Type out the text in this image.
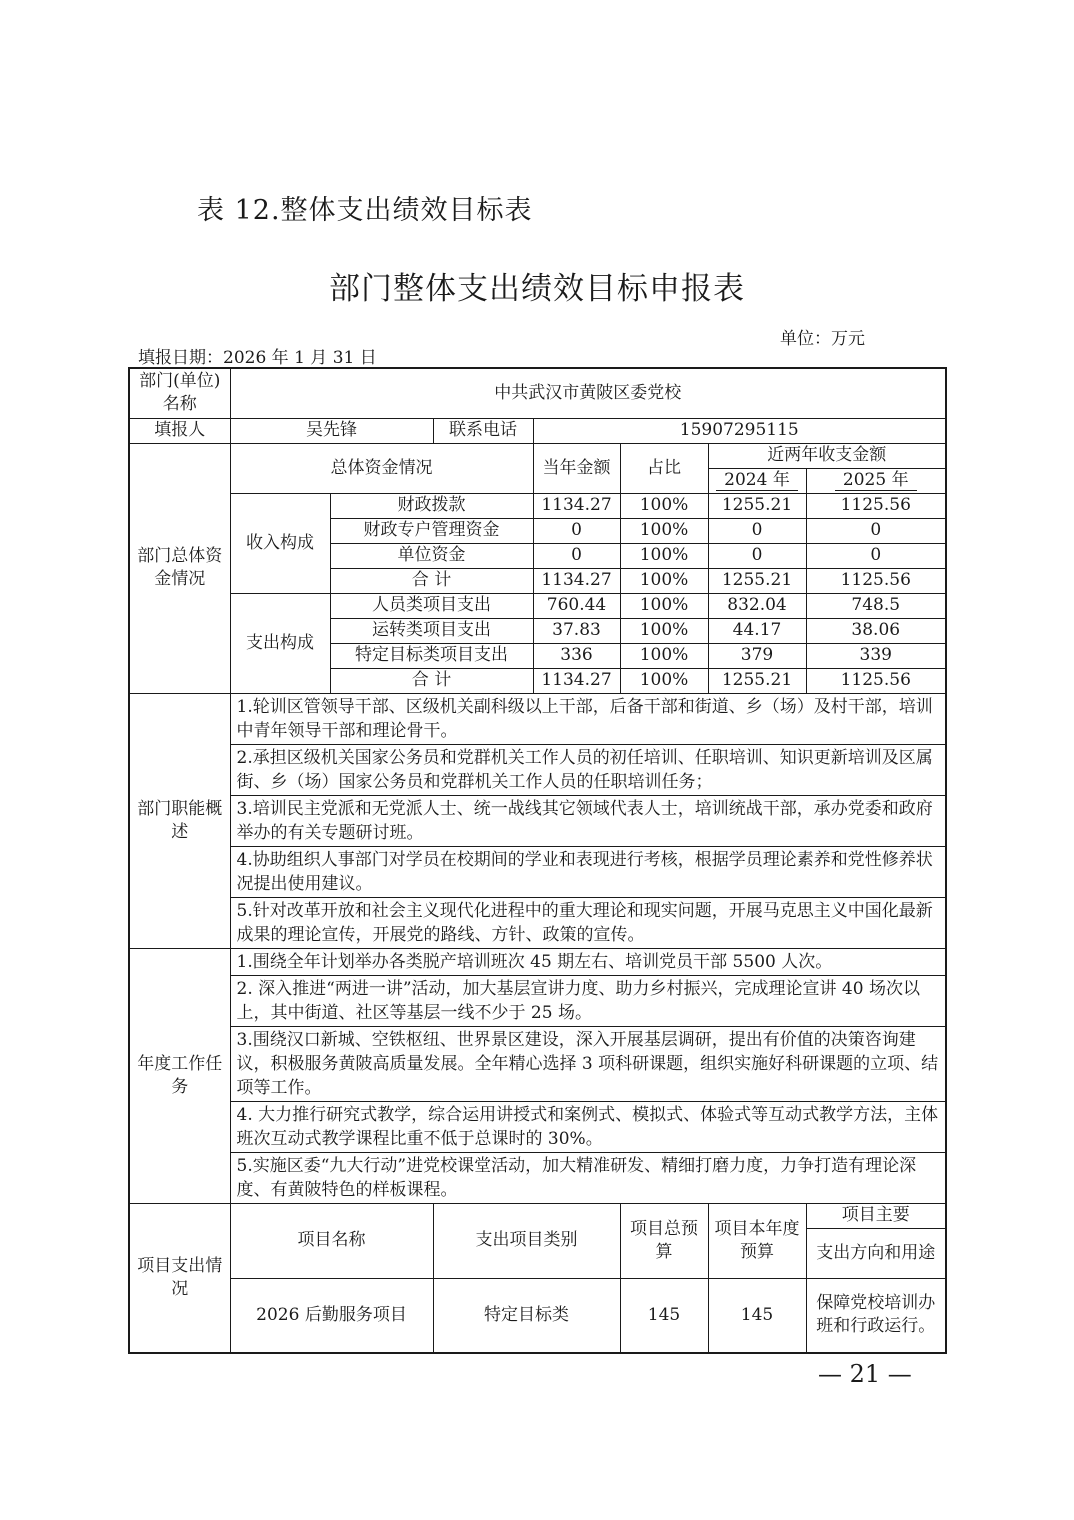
表 12.整体支出绩效目标表
部门整体支出绩效目标申报表
单位：万元
填报日期：2026 年 1 月 31 日
部门(单位) 名称	中共武汉市黄陂区委党校						
填报人	吴先锋		联系电话	15907295115			
部门总体资金情况	总体资金情况			当年金额	占比	近两年收支金额	
						2024 年	2025 年
	收入构成	财政拨款		1134.27	100%	1255.21	1125.56
		财政专户管理资金		0	100%	0	0
		单位资金		0	100%	0	0
		合 计		1134.27	100%	1255.21	1125.56
	支出构成	人员类项目支出		760.44	100%	832.04	748.5
		运转类项目支出		37.83	100%	44.17	38.06
		特定目标类项目支出		336	100%	379	339
		合 计		1134.27	100%	1255.21	1125.56
部门职能概述	1.轮训区管领导干部、区级机关副科级以上干部，后备干部和街道、乡（场）及村干部，培训中青年领导干部和理论骨干。						
	2.承担区级机关国家公务员和党群机关工作人员的初任培训、任职培训、知识更新培训及区属街、乡（场）国家公务员和党群机关工作人员的任职培训任务；						
	3.培训民主党派和无党派人士、统一战线其它领域代表人士，培训统战干部，承办党委和政府举办的有关专题研讨班。						
	4.协助组织人事部门对学员在校期间的学业和表现进行考核，根据学员理论素养和党性修养状况提出使用建议。						
	5.针对改革开放和社会主义现代化进程中的重大理论和现实问题，开展马克思主义中国化最新成果的理论宣传，开展党的路线、方针、政策的宣传。						
年度工作任务	1.围绕全年计划举办各类脱产培训班次 45 期左右、培训党员干部 5500 人次。						
	2. 深入推进“两进一讲”活动，加大基层宣讲力度、助力乡村振兴，完成理论宣讲 40 场次以上，其中街道、社区等基层一线不少于 25 场。						
	3.围绕汉口新城、空铁枢纽、世界景区建设，深入开展基层调研，提出有价值的决策咨询建议，积极服务黄陂高质量发展。全年精心选择 3 项科研课题，组织实施好科研课题的立项、结项等工作。						
	4. 大力推行研究式教学，综合运用讲授式和案例式、模拟式、体验式等互动式教学方法，主体班次互动式教学课程比重不低于总课时的 30%。						
	5.实施区委“九大行动”进党校课堂活动，加大精准研发、精细打磨力度，力争打造有理论深度、有黄陂特色的样板课程。						
项目支出情况	项目名称		支出项目类别		项目总预算	项目本年度预算	项目主要
							支出方向和用途
	2026 后勤服务项目		特定目标类		145	145	保障党校培训办班和行政运行。
— 21 —
